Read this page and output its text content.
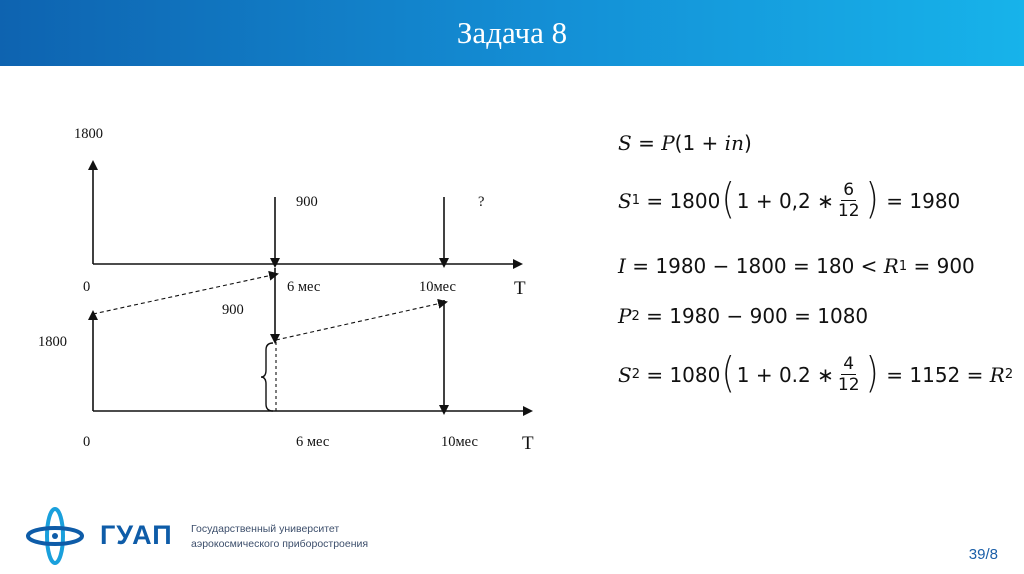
Задача 8
1800
900	?
0	6 мес	10мес	T
900
1800
0	6 мес	10мес T
S
=
P (1 + i n )
S 1
= 1800 ( 1 + 0,2 ∗ $\frac{6}{12}$ )
= 1980
I
= 1980 − 1800 = 180 <
R 1
= 900
P 2
= 1980 − 900 = 1080
S 2
= 1080 ( 1 + 0.2 ∗ $\frac{4}{12}$ )
= 1152 =
R 2
ГУАП Государственный университет
аэрокосмического приборостроения
39/8
